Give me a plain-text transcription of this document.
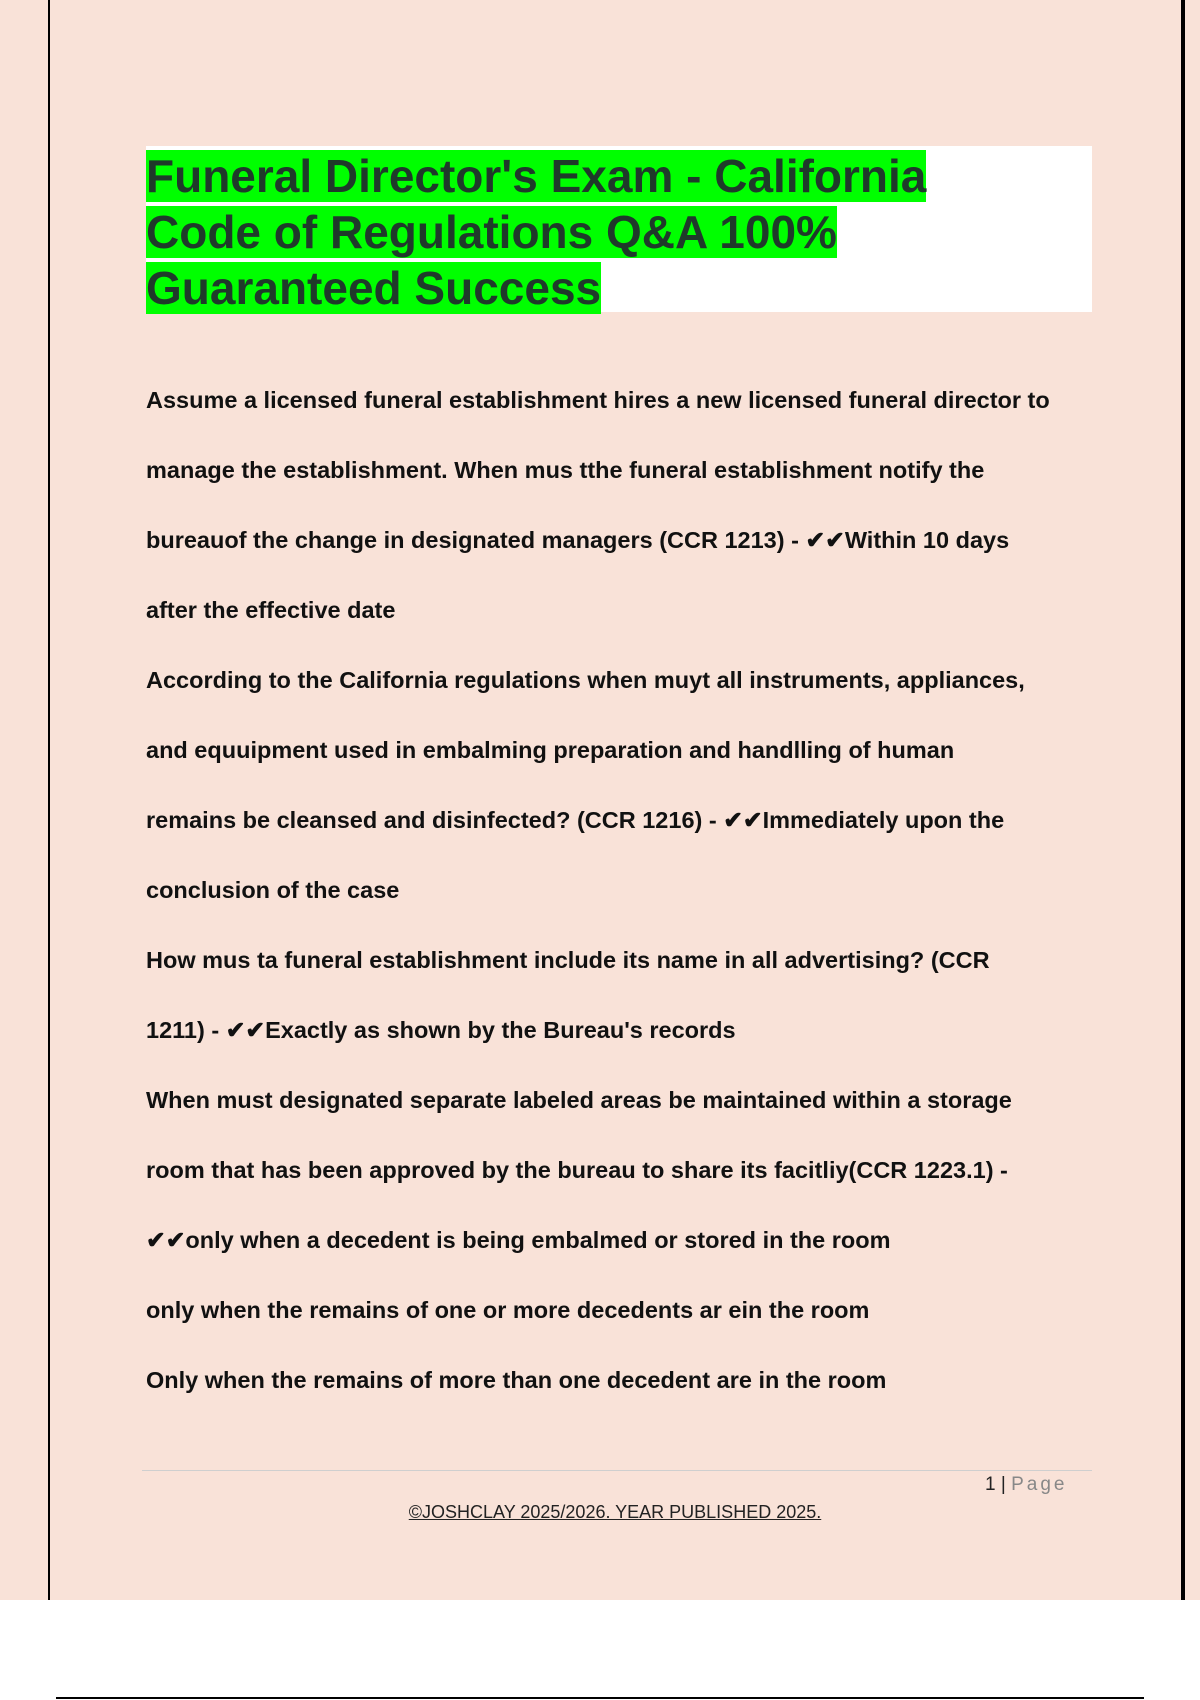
Funeral Director's Exam - California
Code of Regulations Q&A 100%
Guaranteed Success

Assume a licensed funeral establishment hires a new licensed funeral director to

manage the establishment. When mus tthe funeral establishment notify the

bureauof the change in designated managers (CCR 1213) - ✔✔Within 10 days

after the effective date

According to the California regulations when muyt all instruments, appliances,

and equuipment used in embalming preparation and handlling of human

remains be cleansed and disinfected? (CCR 1216) - ✔✔Immediately upon the

conclusion of the case

How mus ta funeral establishment include its name in all advertising? (CCR

1211) - ✔✔Exactly as shown by the Bureau's records

When must designated separate labeled areas be maintained within a storage

room that has been approved by the bureau to share its facitliy(CCR 1223.1) -

✔✔only when a decedent is being embalmed or stored in the room

only when the remains of one or more decedents ar ein the room

Only when the remains of more than one decedent are in the room

1 | Page
©JOSHCLAY 2025/2026. YEAR PUBLISHED 2025.
